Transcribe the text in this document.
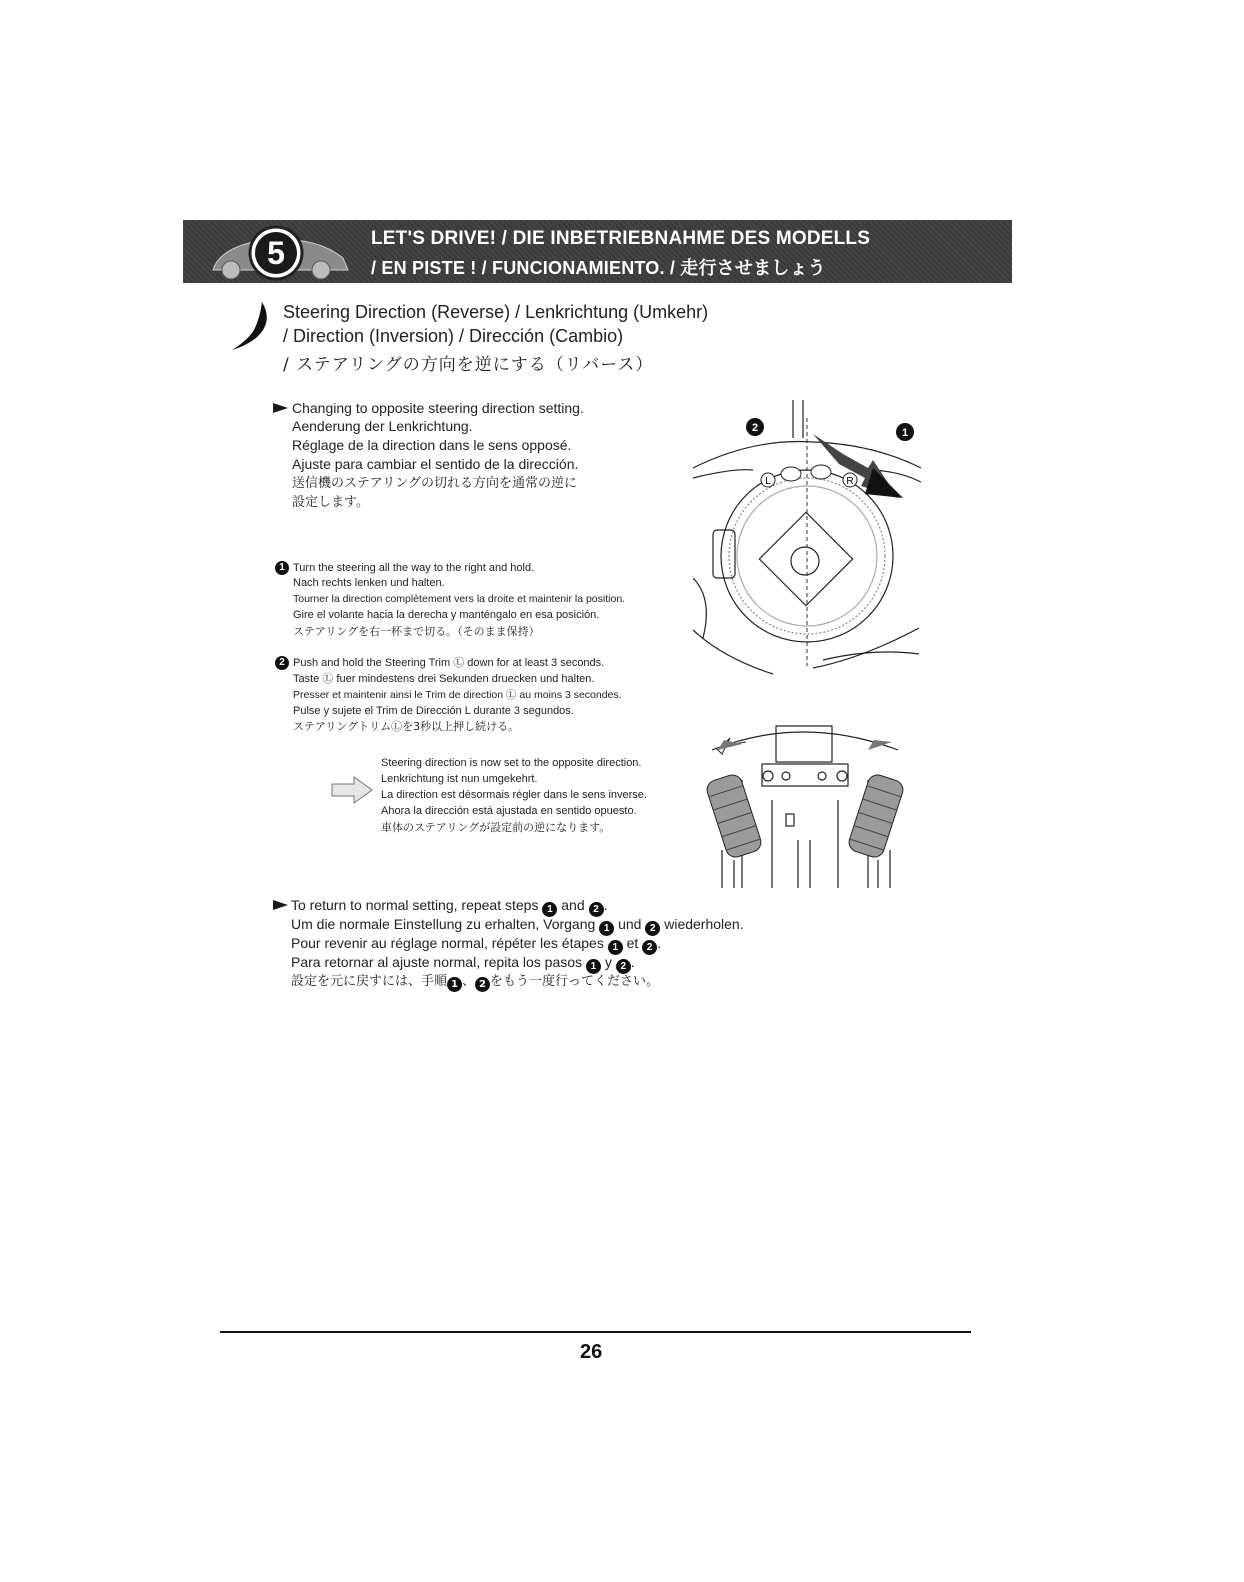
5	LET'S DRIVE! / DIE INBETRIEBNAHME DES MODELLS
/ EN PISTE ! / FUNCIONAMIENTO. / 走行させましょう
Steering Direction (Reverse) / Lenkrichtung (Umkehr)
/ Direction (Inversion) / Dirección (Cambio)
/ ステアリングの方向を逆にする（リバース）
Changing to opposite steering direction setting.
Aenderung der Lenkrichtung.
Réglage de la direction dans le sens opposé.
Ajuste para cambiar el sentido de la dirección.
送信機のステアリングの切れる方向を通常の逆に
設定します。
1 Turn the steering all the way to the right and hold.
Nach rechts lenken und halten.
Tourner la direction complètement vers la droite et maintenir la position.
Gire el volante hacia la derecha y manténgalo en esa posición.
ステアリングを右一杯まで切る。（そのまま保持）
2 Push and hold the Steering Trim Ⓛ down for at least 3 seconds.
Taste Ⓛ fuer mindestens drei Sekunden druecken und halten.
Presser et maintenir ainsi le Trim de direction Ⓛ au moins 3 secondes.
Pulse y sujete el Trim de Dirección L durante 3 segundos.
ステアリングトリムⓁを3秒以上押し続ける。
Steering direction is now set to the opposite direction.
Lenkrichtung ist nun umgekehrt.
La direction est désormais régler dans le sens inverse.
Ahora la dirección está ajustada en sentido opuesto.
車体のステアリングが設定前の逆になります。
L	R
2	1
To return to normal setting, repeat steps 1 and 2 .
Um die normale Einstellung zu erhalten, Vorgang 1 und 2 wiederholen.
Pour revenir au réglage normal, répéter les étapes 1 et 2 .
Para retornar al ajuste normal, repita los pasos 1 y 2 .
設定を元に戻すには、手順 1 、 2 をもう一度行ってください。
26
